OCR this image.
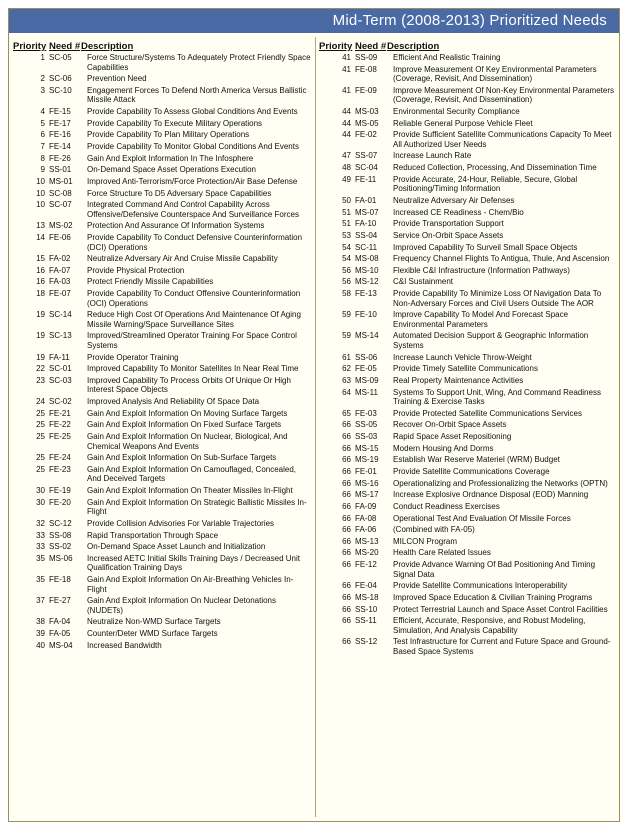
Mid-Term (2008-2013) Prioritized Needs
Priority Need # Description
1 SC-05	Force Structure/Systems To Adequately Protect Friendly Space Capabilities
2 SC-06	Prevention Need
3 SC-10	Engagement Forces To Defend North America Versus Ballistic Missile Attack
4 FE-15	Provide Capability To Assess Global Conditions And Events
5 FE-17	Provide Capability To Execute Military Operations
6 FE-16	Provide Capability To Plan Military Operations
7 FE-14	Provide Capability To Monitor Global Conditions And Events
8 FE-26	Gain And Exploit Information In The Infosphere
9 SS-01	On-Demand Space Asset Operations Execution
10 MS-01	Improved Anti-Terrorism/Force Protection/Air Base Defense
10 SC-08	Force Structure To D5 Adversary Space Capabilities
10 SC-07	Integrated Command And Control Capability Across Offensive/Defensive Counterspace And Surveillance Forces
13 MS-02	Protection And Assurance Of Information Systems
14 FE-06	Provide Capability To Conduct Defensive Counterinformation (DCI) Operations
15 FA-02	Neutralize Adversary Air And Cruise Missile Capability
16 FA-07	Provide Physical Protection
16 FA-03	Protect Friendly Missile Capabilities
18 FE-07	Provide Capability To Conduct Offensive Counterinformation (OCI) Operations
19 SC-14	Reduce High Cost Of Operations And Maintenance Of Aging Missile Warning/Space Surveillance Sites
19 SC-13	Improved/Streamlined Operator Training For Space Control Systems
19 FA-11	Provide Operator Training
22 SC-01	Improved Capability To Monitor Satellites In Near Real Time
23 SC-03	Improved Capability To Process Orbits Of Unique Or High Interest Space Objects
24 SC-02	Improved Analysis And Reliability Of Space Data
25 FE-21	Gain And Exploit Information On Moving Surface Targets
25 FE-22	Gain And Exploit Information On Fixed Surface Targets
25 FE-25	Gain And Exploit Information On Nuclear, Biological, And Chemical Weapons And Events
25 FE-24	Gain And Exploit Information On Sub-Surface Targets
25 FE-23	Gain And Exploit Information On Camouflaged, Concealed, And Deceived Targets
30 FE-19	Gain And Exploit Information On Theater Missiles In-Flight
30 FE-20	Gain And Exploit Information On Strategic Ballistic Missiles In-Flight
32 SC-12	Provide Collision Advisories For Variable Trajectories
33 SS-08	Rapid Transportation Through Space
33 SS-02	On-Demand Space Asset Launch and Initialization
35 MS-06	Increased AETC Initial Skills Training Days / Decreased Unit Qualification Training Days
35 FE-18	Gain And Exploit Information On Air-Breathing Vehicles In-Flight
37 FE-27	Gain And Exploit Information On Nuclear Detonations (NUDETs)
38 FA-04	Neutralize Non-WMD Surface Targets
39 FA-05	Counter/Deter WMD Surface Targets
40 MS-04	Increased Bandwidth
Priority Need # Description
41 SS-09	Efficient And Realistic Training
41 FE-08	Improve Measurement Of Key Environmental Parameters (Coverage, Revisit, And Dissemination)
41 FE-09	Improve Measurement Of Non-Key Environmental Parameters (Coverage, Revisit, And Dissemination)
44 MS-03	Environmental Security Compliance
44 MS-05	Reliable General Purpose Vehicle Fleet
44 FE-02	Provide Sufficient Satellite Communications Capacity To Meet All Authorized User Needs
47 SS-07	Increase Launch Rate
48 SC-04	Reduced Collection, Processing, And Dissemination Time
49 FE-11	Provide Accurate, 24-Hour, Reliable, Secure, Global Positioning/Timing Information
50 FA-01	Neutralize Adversary Air Defenses
51 MS-07	Increased CE Readiness - Chem/Bio
51 FA-10	Provide Transportation Support
53 SS-04	Service On-Orbit Space Assets
54 SC-11	Improved Capability To Surveil Small Space Objects
54 MS-08	Frequency Channel Flights To Antigua, Thule, And Ascension
56 MS-10	Flexible C&I Infrastructure (Information Pathways)
56 MS-12	C&I Sustainment
58 FE-13	Provide Capability To Minimize Loss Of Navigation Data To Non-Adversary Forces and Civil Users Outside The AOR
59 FE-10	Improve Capability To Model And Forecast Space Environmental Parameters
59 MS-14	Automated Decision Support & Geographic Information Systems
61 SS-06	Increase Launch Vehicle Throw-Weight
62 FE-05	Provide Timely Satellite Communications
63 MS-09	Real Property Maintenance Activities
64 MS-11	Systems To Support Unit, Wing, And Command Readiness Training & Exercise Tasks
65 FE-03	Provide Protected Satellite Communications Services
66 SS-05	Recover On-Orbit Space Assets
66 SS-03	Rapid Space Asset Repositioning
66 MS-15	Modern Housing And Dorms
66 MS-19	Establish War Reserve Materiel (WRM) Budget
66 FE-01	Provide Satellite Communications Coverage
66 MS-16	Operationalizing and Professionalizing the Networks (OPTN)
66 MS-17	Increase Explosive Ordnance Disposal (EOD) Manning
66 FA-09	Conduct Readiness Exercises
66 FA-08	Operational Test And Evaluation Of Missile Forces
66 FA-06	(Combined with FA-05)
66 MS-13	MILCON Program
66 MS-20	Health Care Related Issues
66 FE-12	Provide Advance Warning Of Bad Positioning And Timing Signal Data
66 FE-04	Provide Satellite Communications Interoperability
66 MS-18	Improved Space Education & Civilian Training Programs
66 SS-10	Protect Terrestrial Launch and Space Asset Control Facilities
66 SS-11	Efficient, Accurate, Responsive, and Robust Modeling, Simulation, And Analysis Capability
66 SS-12	Test Infrastructure for Current and Future Space and Ground-Based Space Systems
